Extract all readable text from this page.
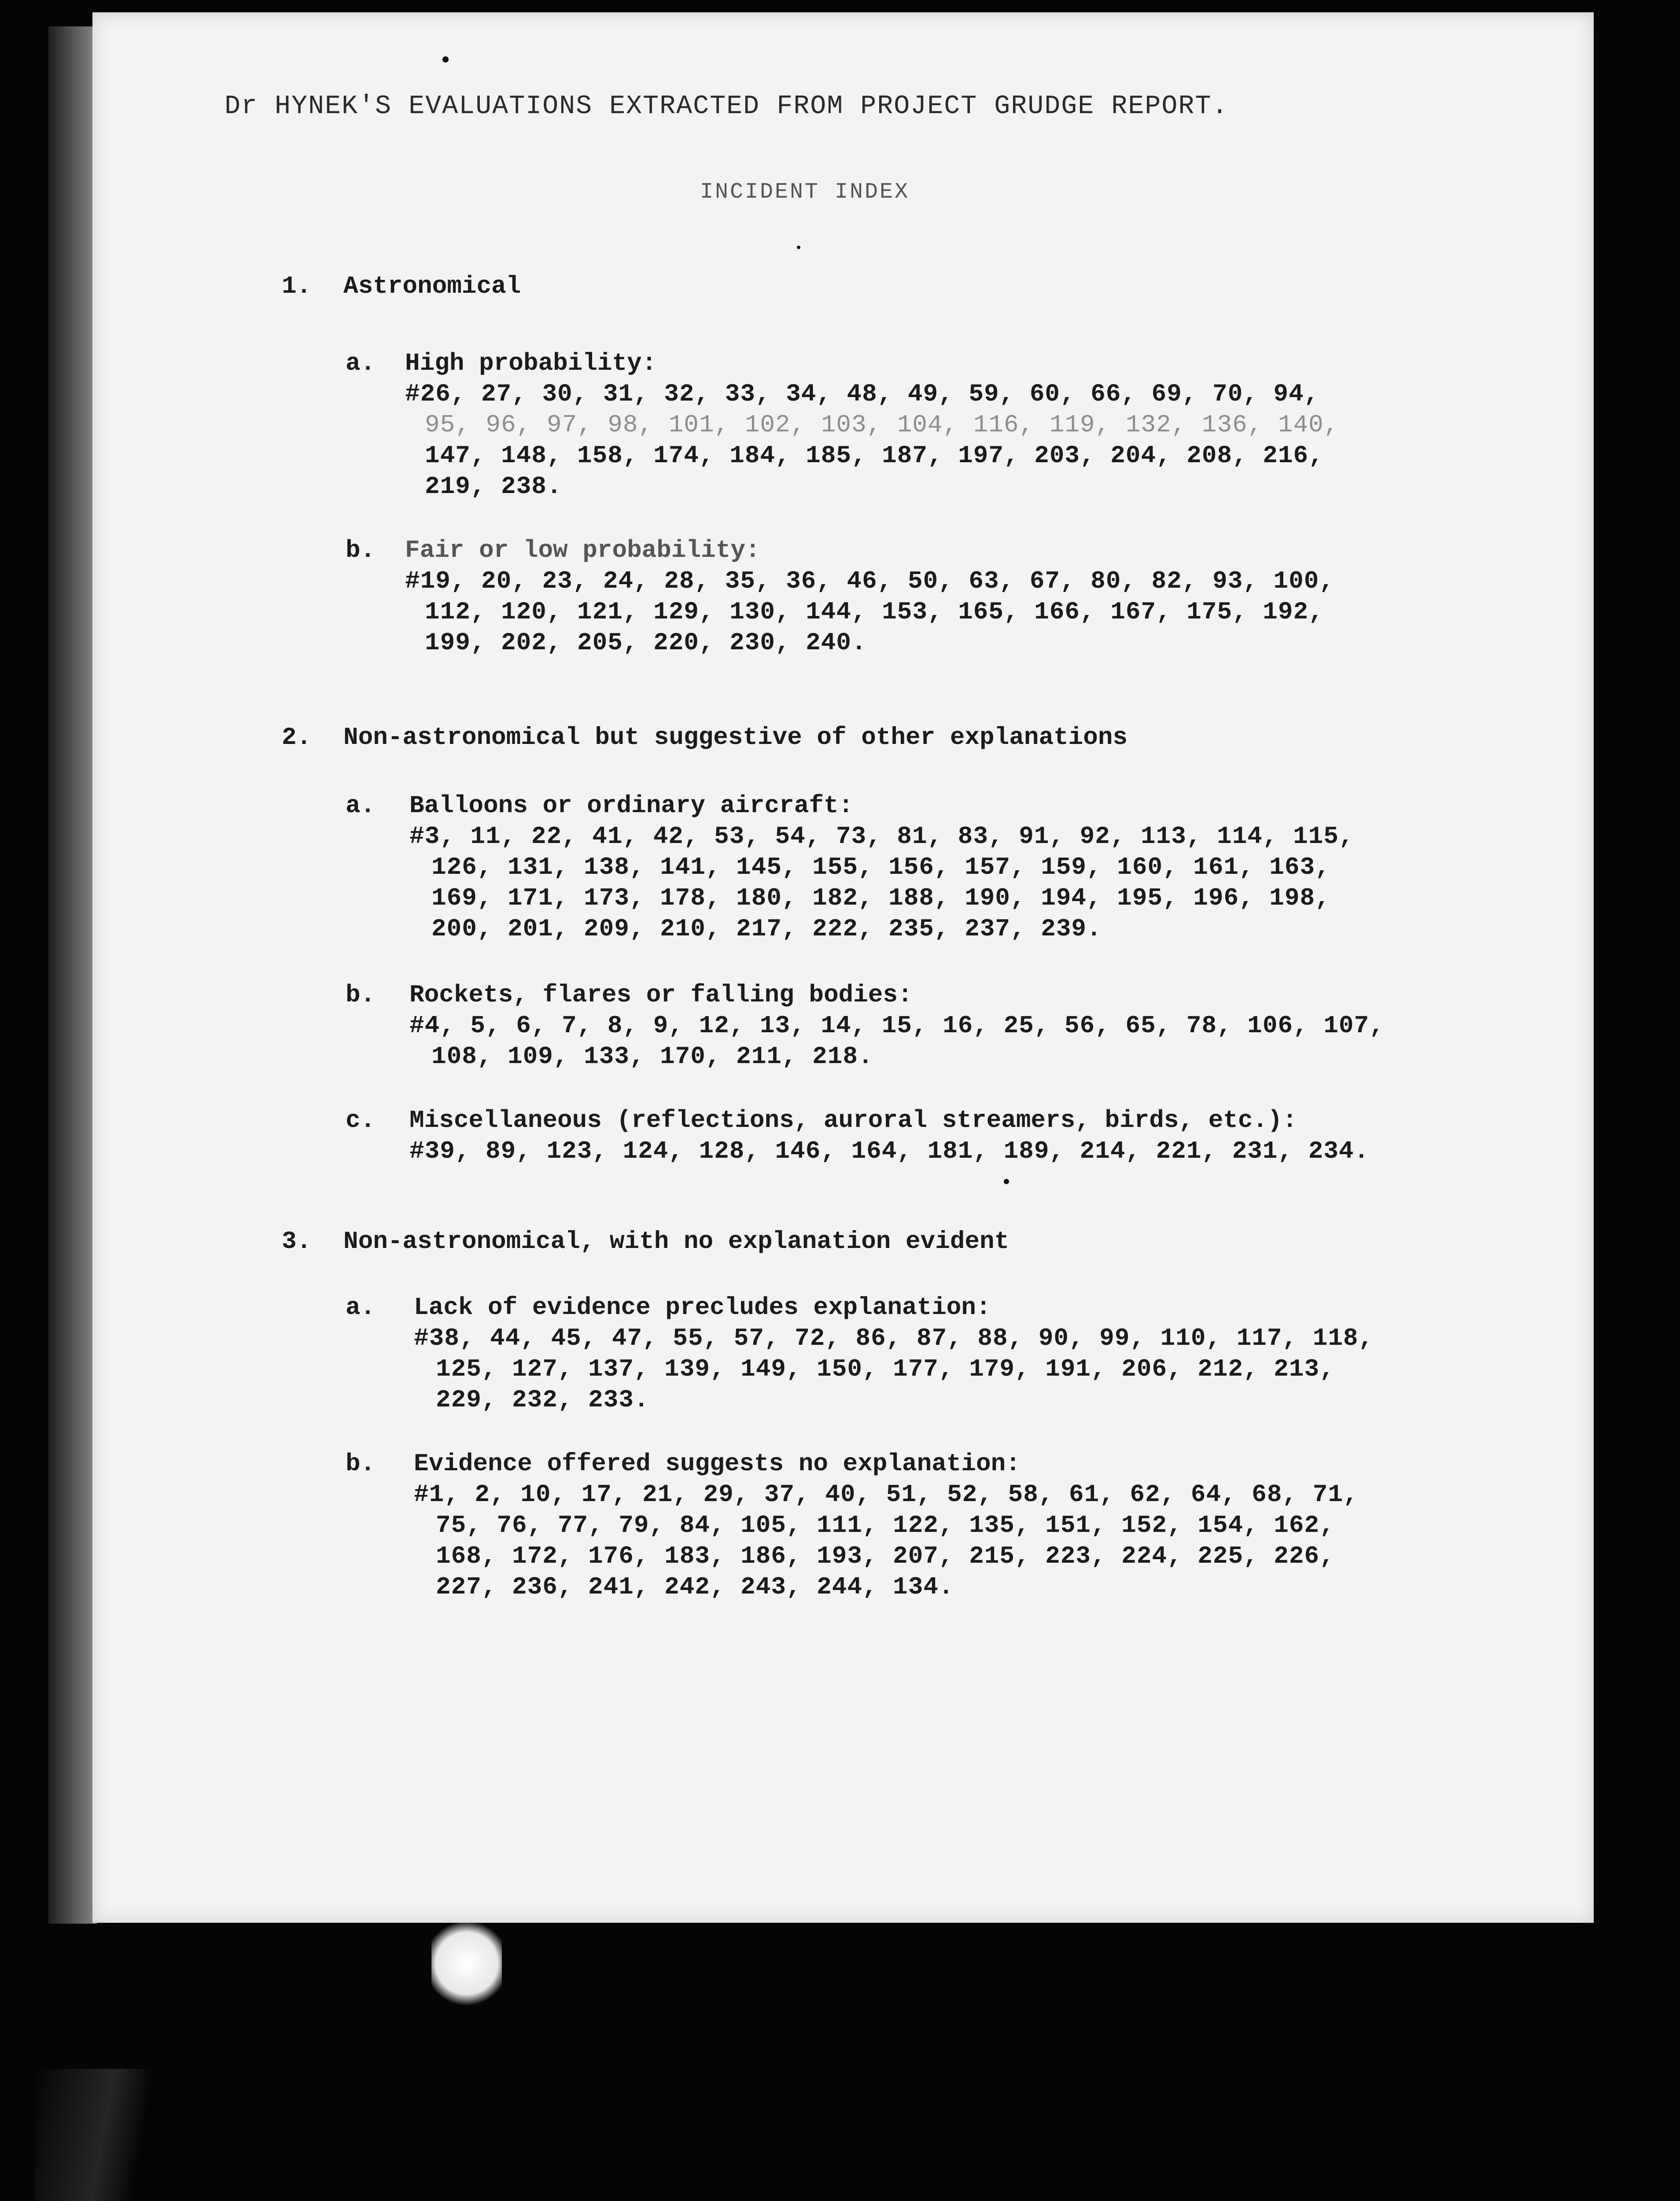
Dr HYNEK'S EVALUATIONS EXTRACTED FROM PROJECT GRUDGE REPORT.
INCIDENT INDEX
1. Astronomical
a. High probability:
#26, 27, 30, 31, 32, 33, 34, 48, 49, 59, 60, 66, 69, 70, 94,
95, 96, 97, 98, 101, 102, 103, 104, 116, 119, 132, 136, 140,
147, 148, 158, 174, 184, 185, 187, 197, 203, 204, 208, 216,
219, 238.
b. Fair or low probability:
#19, 20, 23, 24, 28, 35, 36, 46, 50, 63, 67, 80, 82, 93, 100,
112, 120, 121, 129, 130, 144, 153, 165, 166, 167, 175, 192,
199, 202, 205, 220, 230, 240.
2. Non-astronomical but suggestive of other explanations
a. Balloons or ordinary aircraft:
#3, 11, 22, 41, 42, 53, 54, 73, 81, 83, 91, 92, 113, 114, 115,
126, 131, 138, 141, 145, 155, 156, 157, 159, 160, 161, 163,
169, 171, 173, 178, 180, 182, 188, 190, 194, 195, 196, 198,
200, 201, 209, 210, 217, 222, 235, 237, 239.
b. Rockets, flares or falling bodies:
#4, 5, 6, 7, 8, 9, 12, 13, 14, 15, 16, 25, 56, 65, 78, 106, 107,
108, 109, 133, 170, 211, 218.
c. Miscellaneous (reflections, auroral streamers, birds, etc.):
#39, 89, 123, 124, 128, 146, 164, 181, 189, 214, 221, 231, 234.
3. Non-astronomical, with no explanation evident
a. Lack of evidence precludes explanation:
#38, 44, 45, 47, 55, 57, 72, 86, 87, 88, 90, 99, 110, 117, 118,
125, 127, 137, 139, 149, 150, 177, 179, 191, 206, 212, 213,
229, 232, 233.
b. Evidence offered suggests no explanation:
#1, 2, 10, 17, 21, 29, 37, 40, 51, 52, 58, 61, 62, 64, 68, 71,
75, 76, 77, 79, 84, 105, 111, 122, 135, 151, 152, 154, 162,
168, 172, 176, 183, 186, 193, 207, 215, 223, 224, 225, 226,
227, 236, 241, 242, 243, 244, 134.
